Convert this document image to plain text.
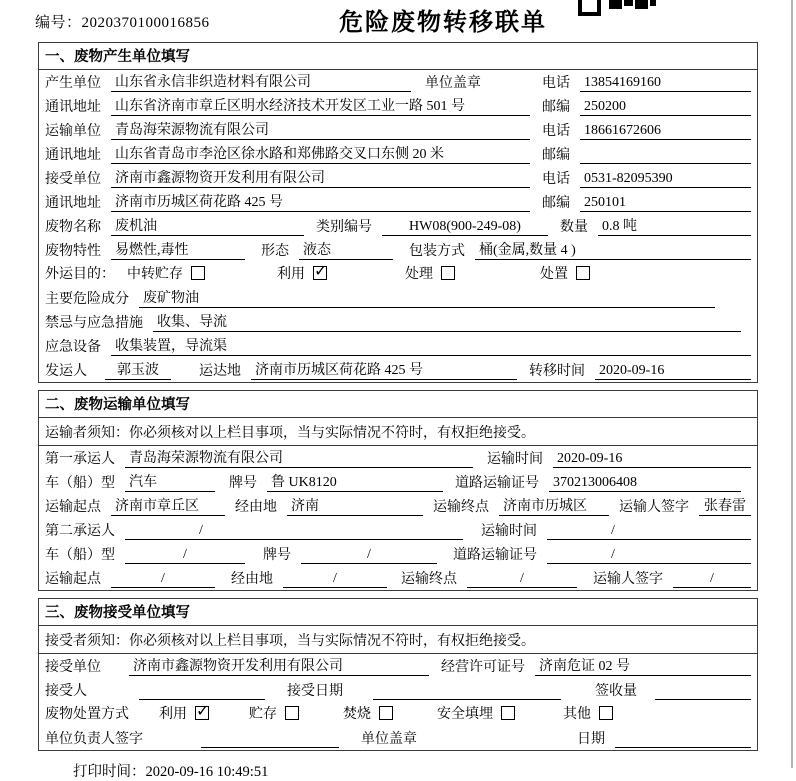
编号：2020370100016856	危险废物转移联单
一、废物产生单位填写
产生单位 山东省永信非织造材料有限公司	单位盖章	电话 13854169160
通讯地址 山东省济南市章丘区明水经济技术开发区工业一路 501 号	邮编 250200
运输单位 青岛海荣源物流有限公司	电话 18661672606
通讯地址 山东省青岛市李沧区徐水路和郑佛路交叉口东侧 20 米	邮编
接受单位 济南市鑫源物资开发利用有限公司	电话 0531-82095390
通讯地址 济南市历城区荷花路 425 号	邮编 250101
废物名称 废机油	类别编号	HW08(900-249-08)	数量 0.8 吨
废物特性 易燃性,毒性	形态 液态	包装方式 桶(金属,数量 4 )
外运目的： 中转贮存	利用 ✓	处理	处置
主要危险成分 废矿物油
禁忌与应急措施 收集、导流
应急设备 收集装置，导流渠
发运人	郭玉波	运达地 济南市历城区荷花路 425 号	转移时间 2020-09-16
二、废物运输单位填写
运输者须知：你必须核对以上栏目事项，当与实际情况不符时，有权拒绝接受。
第一承运人 青岛海荣源物流有限公司	运输时间 2020-09-16
车（船）型 汽车	牌号 鲁 UK8120	道路运输证号 370213006408
运输起点 济南市章丘区	经由地 济南	运输终点 济南市历城区	运输人签字	张春雷
第二承运人	/	运输时间	/
车（船）型	/	牌号	/	道路运输证号	/
运输起点	/	经由地	/	运输终点	/	运输人签字	/
三、废物接受单位填写
接受者须知：你必须核对以上栏目事项，当与实际情况不符时，有权拒绝接受。
接受单位 济南市鑫源物资开发利用有限公司	经营许可证号 济南危证 02 号
接受人	接受日期	签收量
废物处置方式 利用 ✓	贮存	焚烧	安全填埋	其他
单位负责人签字	单位盖章	日期
打印时间：2020-09-16 10:49:51
